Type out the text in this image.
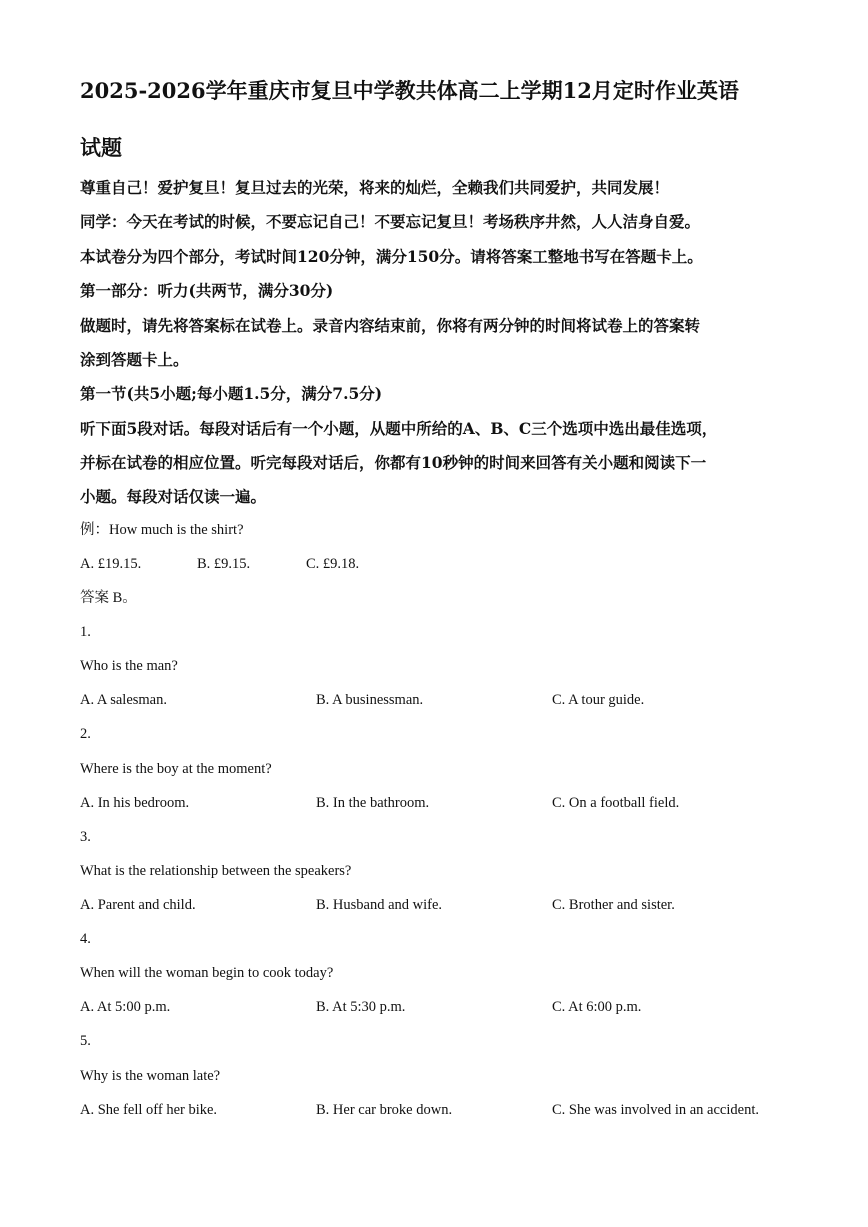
2025-2026学年重庆市复旦中学教共体高二上学期12月定时作业英语
试题
尊重自己！爱护复旦！复旦过去的光荣，将来的灿烂，全赖我们共同爱护，共同发展！
同学：今天在考试的时候，不要忘记自己！不要忘记复旦！考场秩序井然，人人洁身自爱。
本试卷分为四个部分，考试时间120分钟，满分150分。请将答案工整地书写在答题卡上。
第一部分：听力(共两节，满分30分)
做题时，请先将答案标在试卷上。录音内容结束前，你将有两分钟的时间将试卷上的答案转
涂到答题卡上。
第一节(共5小题;每小题1.5分，满分7.5分)
听下面5段对话。每段对话后有一个小题，从题中所给的A、B、C三个选项中选出最佳选项，
并标在试卷的相应位置。听完每段对话后，你都有10秒钟的时间来回答有关小题和阅读下一
小题。每段对话仅读一遍。
例：How much is the shirt?
A. £19.15.	B. £9.15.	C. £9.18.
答案 B。
1.
Who is the man?
A. A salesman.	B. A businessman.	C. A tour guide.
2.
Where is the boy at the moment?
A. In his bedroom.	B. In the bathroom.	C. On a football field.
3.
What is the relationship between the speakers?
A. Parent and child.	B. Husband and wife.	C. Brother and sister.
4.
When will the woman begin to cook today?
A. At 5:00 p.m.	B. At 5:30 p.m.	C. At 6:00 p.m.
5.
Why is the woman late?
A. She fell off her bike.	B. Her car broke down.	C. She was involved in an accident.
